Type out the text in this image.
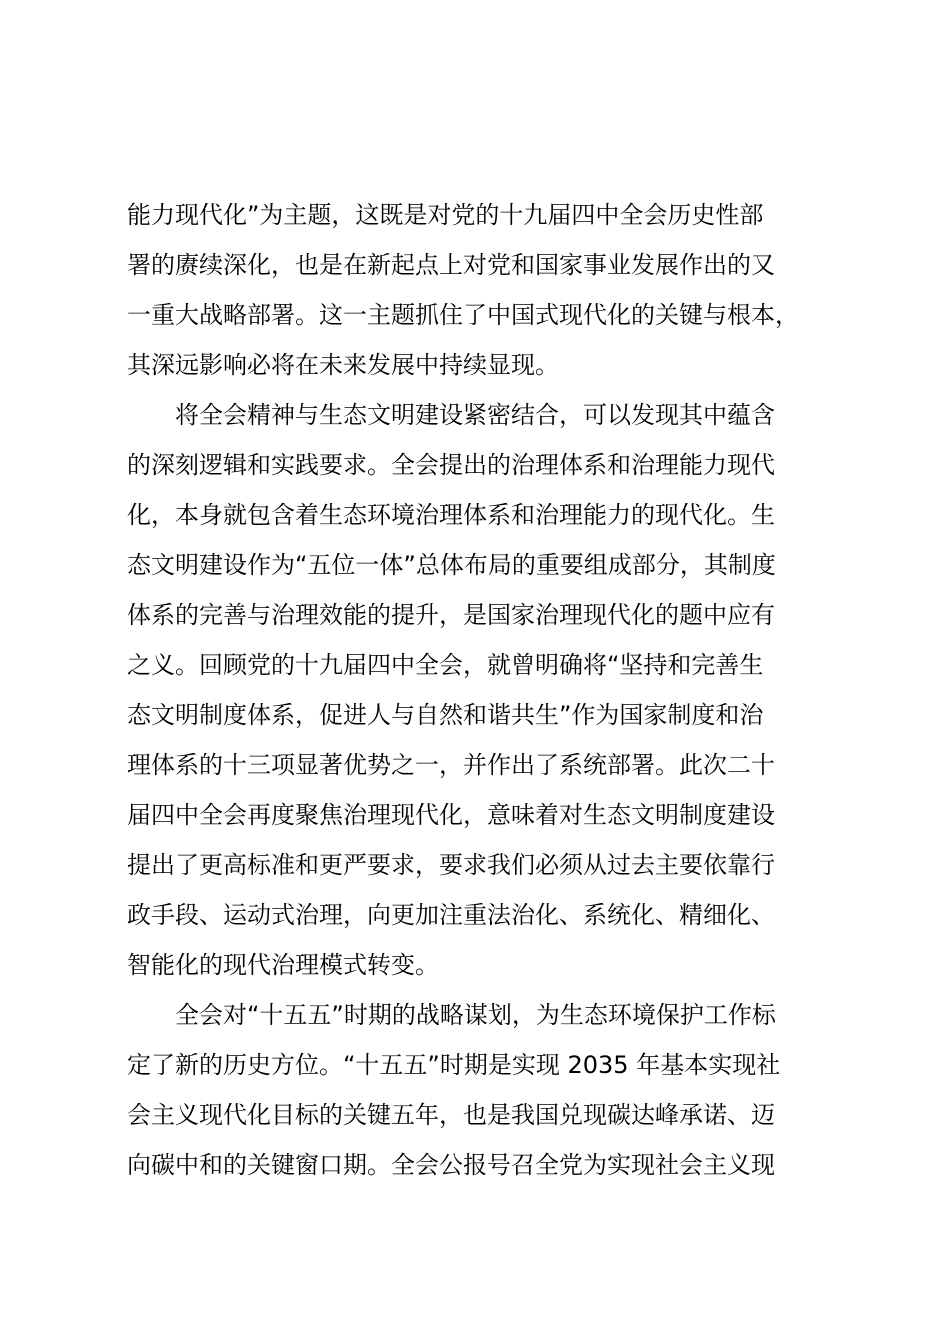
能力现代化”为主题，这既是对党的十九届四中全会历史性部
署的赓续深化，也是在新起点上对党和国家事业发展作出的又
一重大战略部署。这一主题抓住了中国式现代化的关键与根本，
其深远影响必将在未来发展中持续显现。
　　将全会精神与生态文明建设紧密结合，可以发现其中蕴含
的深刻逻辑和实践要求。全会提出的治理体系和治理能力现代
化，本身就包含着生态环境治理体系和治理能力的现代化。生
态文明建设作为“五位一体”总体布局的重要组成部分，其制度
体系的完善与治理效能的提升，是国家治理现代化的题中应有
之义。回顾党的十九届四中全会，就曾明确将“坚持和完善生
态文明制度体系，促进人与自然和谐共生”作为国家制度和治
理体系的十三项显著优势之一，并作出了系统部署。此次二十
届四中全会再度聚焦治理现代化，意味着对生态文明制度建设
提出了更高标准和更严要求，要求我们必须从过去主要依靠行
政手段、运动式治理，向更加注重法治化、系统化、精细化、
智能化的现代治理模式转变。
　　全会对“十五五”时期的战略谋划，为生态环境保护工作标
定了新的历史方位。“十五五”时期是实现 2035 年基本实现社
会主义现代化目标的关键五年，也是我国兑现碳达峰承诺、迈
向碳中和的关键窗口期。全会公报号召全党为实现社会主义现
